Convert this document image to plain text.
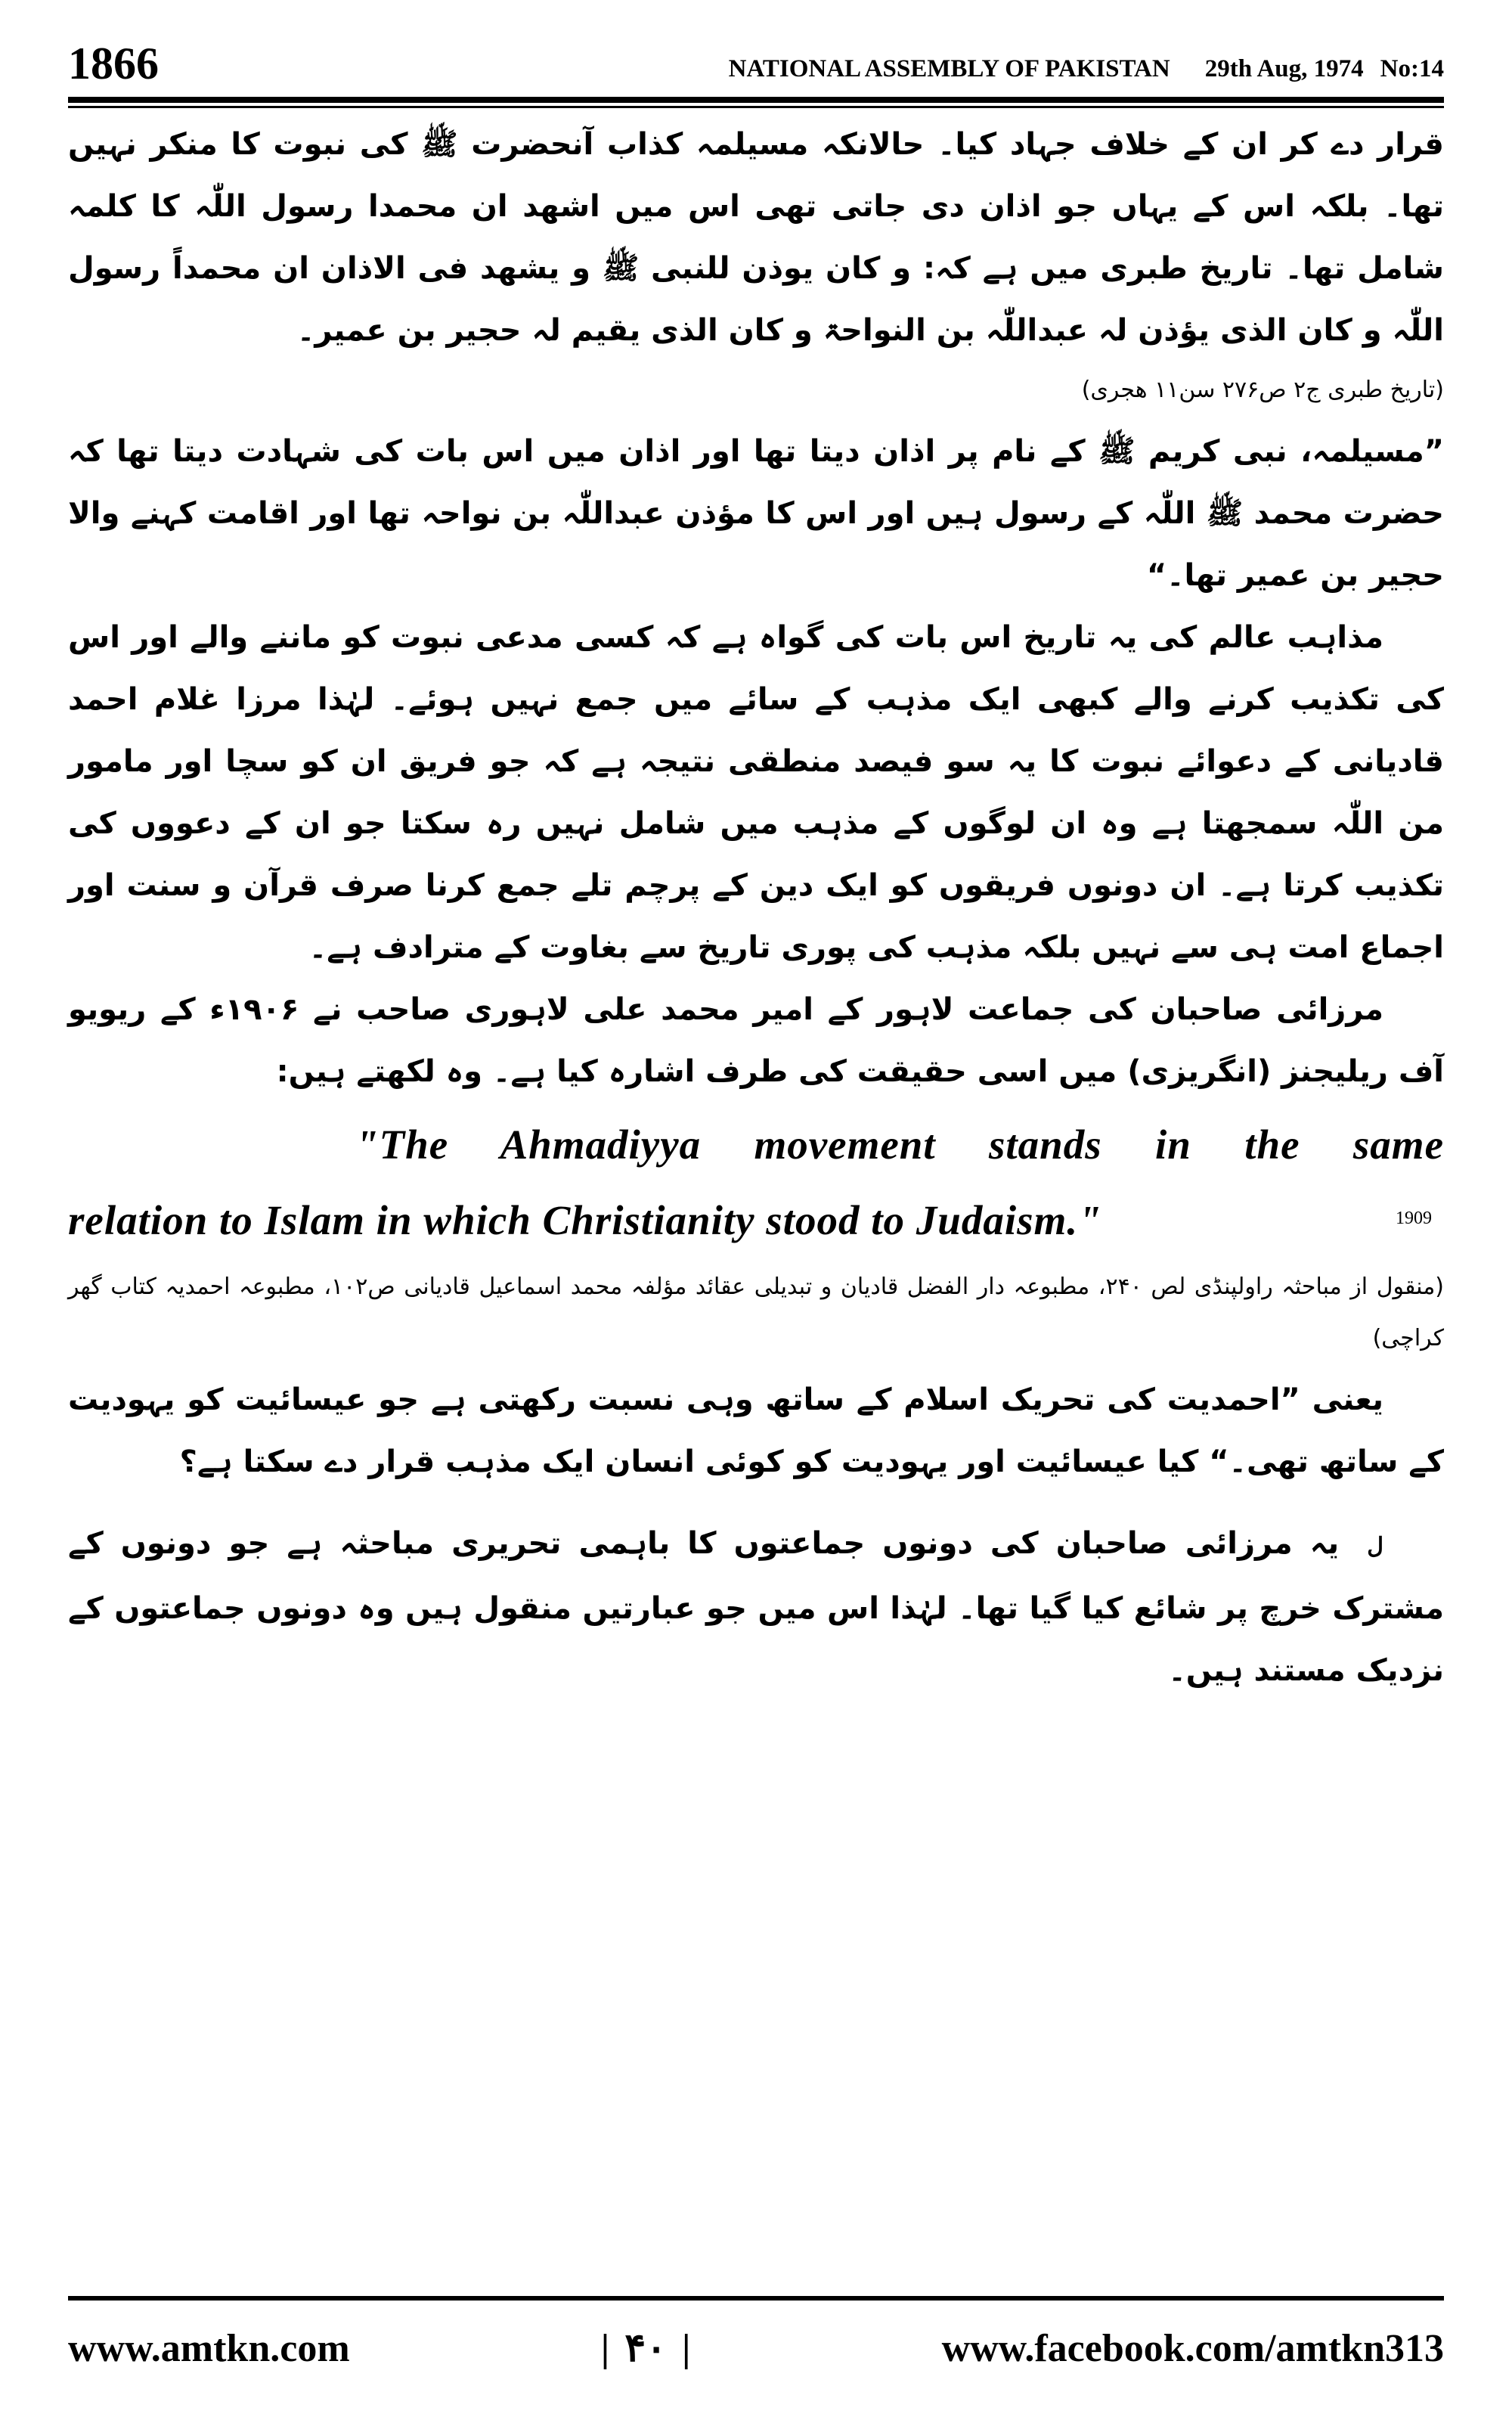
1866	NATIONAL ASSEMBLY OF PAKISTAN 29th Aug, 1974 No:14

قرار دے کر ان کے خلاف جہاد کیا۔ حالانکہ مسیلمہ کذاب آنحضرت ﷺ کی نبوت کا منکر نہیں تھا۔ بلکہ اس کے یہاں جو اذان دی جاتی تھی اس میں اشھد ان محمدا رسول اللّٰہ کا کلمہ شامل تھا۔ تاریخ طبری میں ہے کہ: و کان یوذن للنبی ﷺ و یشھد فی الاذان ان محمداً رسول اللّٰہ و کان الذی یؤذن لہ عبداللّٰہ بن النواحۃ و کان الذی یقیم لہ حجیر بن عمیر۔

(تاریخ طبری ج۲ ص۲۷۶ سن۱۱ ھجری)

”مسیلمہ، نبی کریم ﷺ کے نام پر اذان دیتا تھا اور اذان میں اس بات کی شہادت دیتا تھا کہ حضرت محمد ﷺ اللّٰہ کے رسول ہیں اور اس کا مؤذن عبداللّٰہ بن نواحہ تھا اور اقامت کہنے والا حجیر بن عمیر تھا۔“

مذاہب عالم کی یہ تاریخ اس بات کی گواہ ہے کہ کسی مدعی نبوت کو ماننے والے اور اس کی تکذیب کرنے والے کبھی ایک مذہب کے سائے میں جمع نہیں ہوئے۔ لہٰذا مرزا غلام احمد قادیانی کے دعوائے نبوت کا یہ سو فیصد منطقی نتیجہ ہے کہ جو فریق ان کو سچا اور مامور من اللّٰہ سمجھتا ہے وہ ان لوگوں کے مذہب میں شامل نہیں رہ سکتا جو ان کے دعووں کی تکذیب کرتا ہے۔ ان دونوں فریقوں کو ایک دین کے پرچم تلے جمع کرنا صرف قرآن و سنت اور اجماع امت ہی سے نہیں بلکہ مذہب کی پوری تاریخ سے بغاوت کے مترادف ہے۔

مرزائی صاحبان کی جماعت لاہور کے امیر محمد علی لاہوری صاحب نے ۱۹۰۶ء کے ریویو آف ریلیجنز (انگریزی) میں اسی حقیقت کی طرف اشارہ کیا ہے۔ وہ لکھتے ہیں:

"The Ahmadiyya movement stands in the same
relation to Islam in which Christianity stood to Judaism."

(منقول از مباحثہ راولپنڈی لص ۲۴۰، مطبوعہ دار الفضل قادیان و تبدیلی عقائد مؤلفہ محمد اسماعیل قادیانی ص۱۰۲، مطبوعہ احمدیہ کتاب گھر کراچی)

یعنی ”احمدیت کی تحریک اسلام کے ساتھ وہی نسبت رکھتی ہے جو عیسائیت کو یہودیت کے ساتھ تھی۔“ کیا عیسائیت اور یہودیت کو کوئی انسان ایک مذہب قرار دے سکتا ہے؟

ل یہ مرزائی صاحبان کی دونوں جماعتوں کا باہمی تحریری مباحثہ ہے جو دونوں کے مشترک خرچ پر شائع کیا گیا تھا۔ لہٰذا اس میں جو عبارتیں منقول ہیں وہ دونوں جماعتوں کے نزدیک مستند ہیں۔

1909
www.amtkn.com	| ۴۰ |	www.facebook.com/amtkn313
